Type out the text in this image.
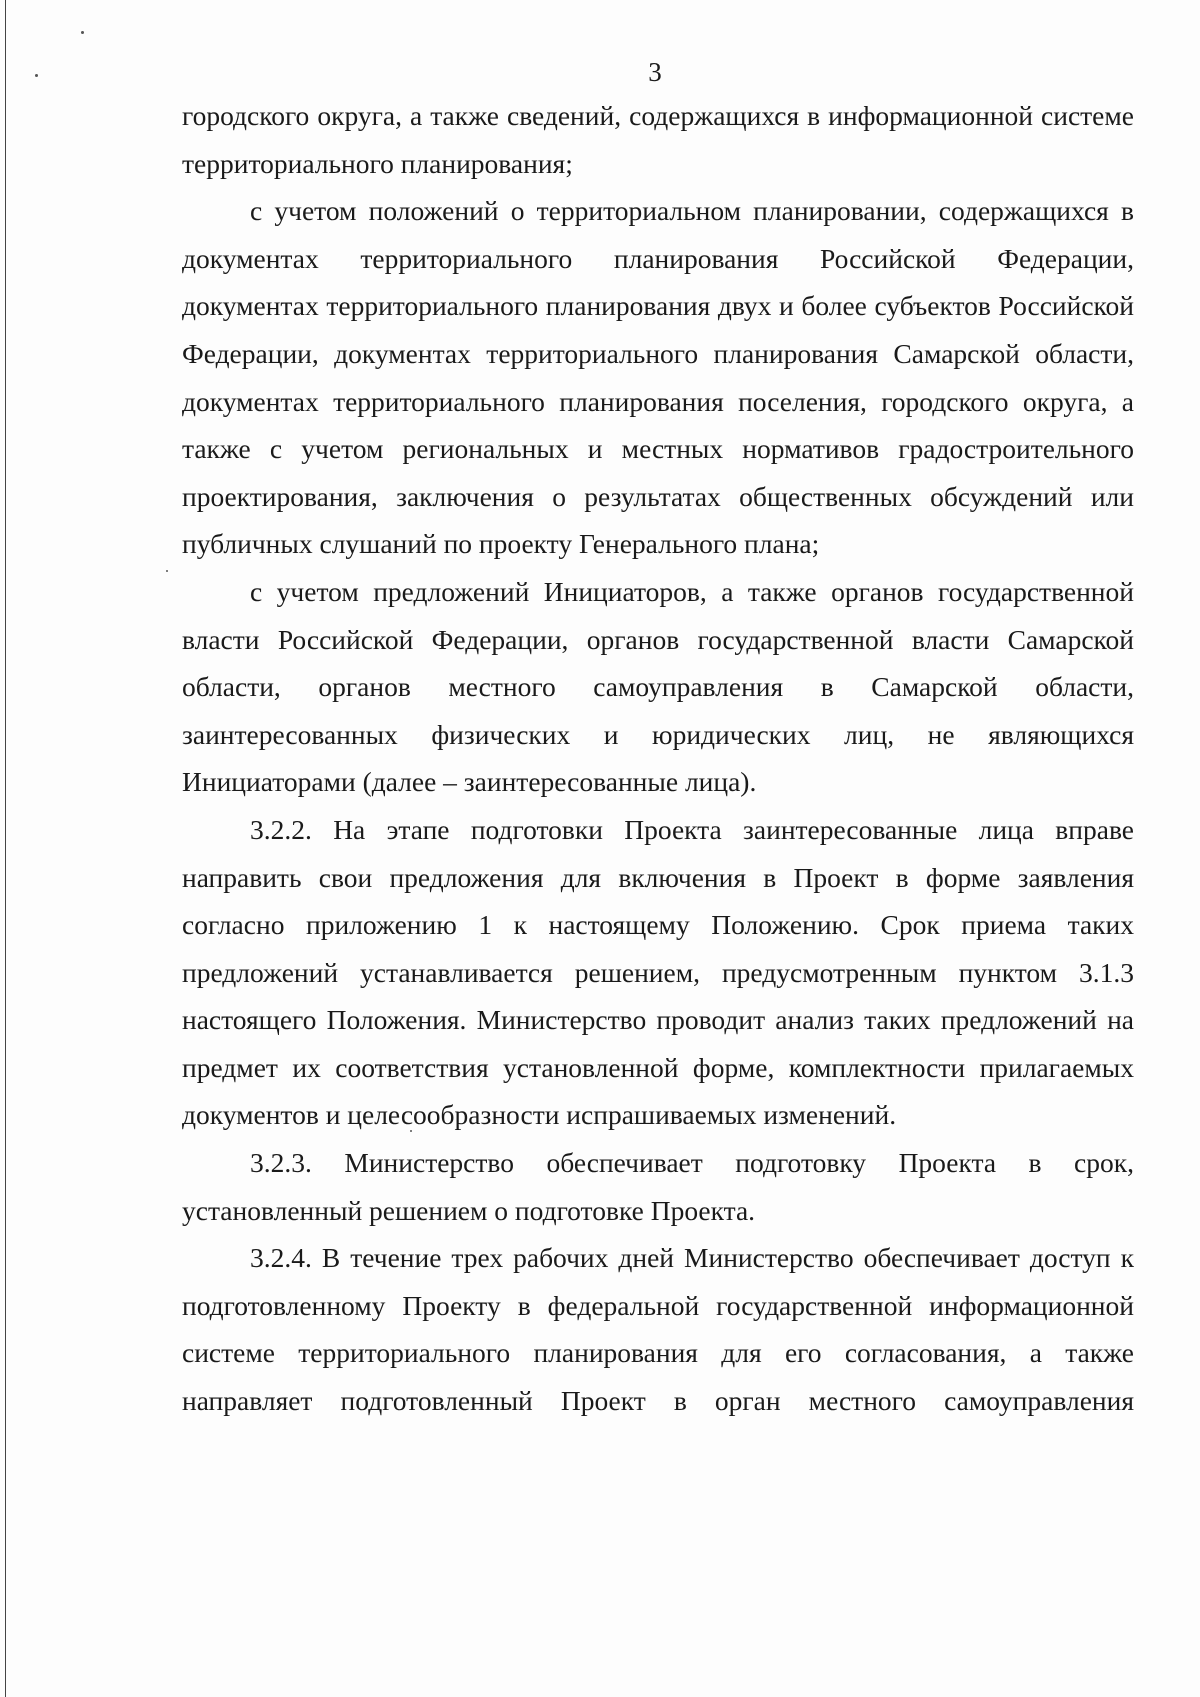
3

городского округа, а также сведений, содержащихся в информационной системе территориального планирования;

с учетом положений о территориальном планировании, содержащихся в документах территориального планирования Российской Федерации, документах территориального планирования двух и более субъектов Российской Федерации, документах территориального планирования Самарской области, документах территориального планирования поселения, городского округа, а также с учетом региональных и местных нормативов градостроительного проектирования, заключения о результатах общественных обсуждений или публичных слушаний по проекту Генерального плана;

с учетом предложений Инициаторов, а также органов государственной власти Российской Федерации, органов государственной власти Самарской области, органов местного самоуправления в Самарской области, заинтересованных физических и юридических лиц, не являющихся Инициаторами (далее – заинтересованные лица).

3.2.2. На этапе подготовки Проекта заинтересованные лица вправе направить свои предложения для включения в Проект в форме заявления согласно приложению 1 к настоящему Положению. Срок приема таких предложений устанавливается решением, предусмотренным пунктом 3.1.3 настоящего Положения. Министерство проводит анализ таких предложений на предмет их соответствия установленной форме, комплектности прилагаемых документов и целесообразности испрашиваемых изменений.

3.2.3. Министерство обеспечивает подготовку Проекта в срок, установленный решением о подготовке Проекта.

3.2.4. В течение трех рабочих дней Министерство обеспечивает доступ к подготовленному Проекту в федеральной государственной информационной системе территориального планирования для его согласования, а также направляет подготовленный Проект в орган местного самоуправления
